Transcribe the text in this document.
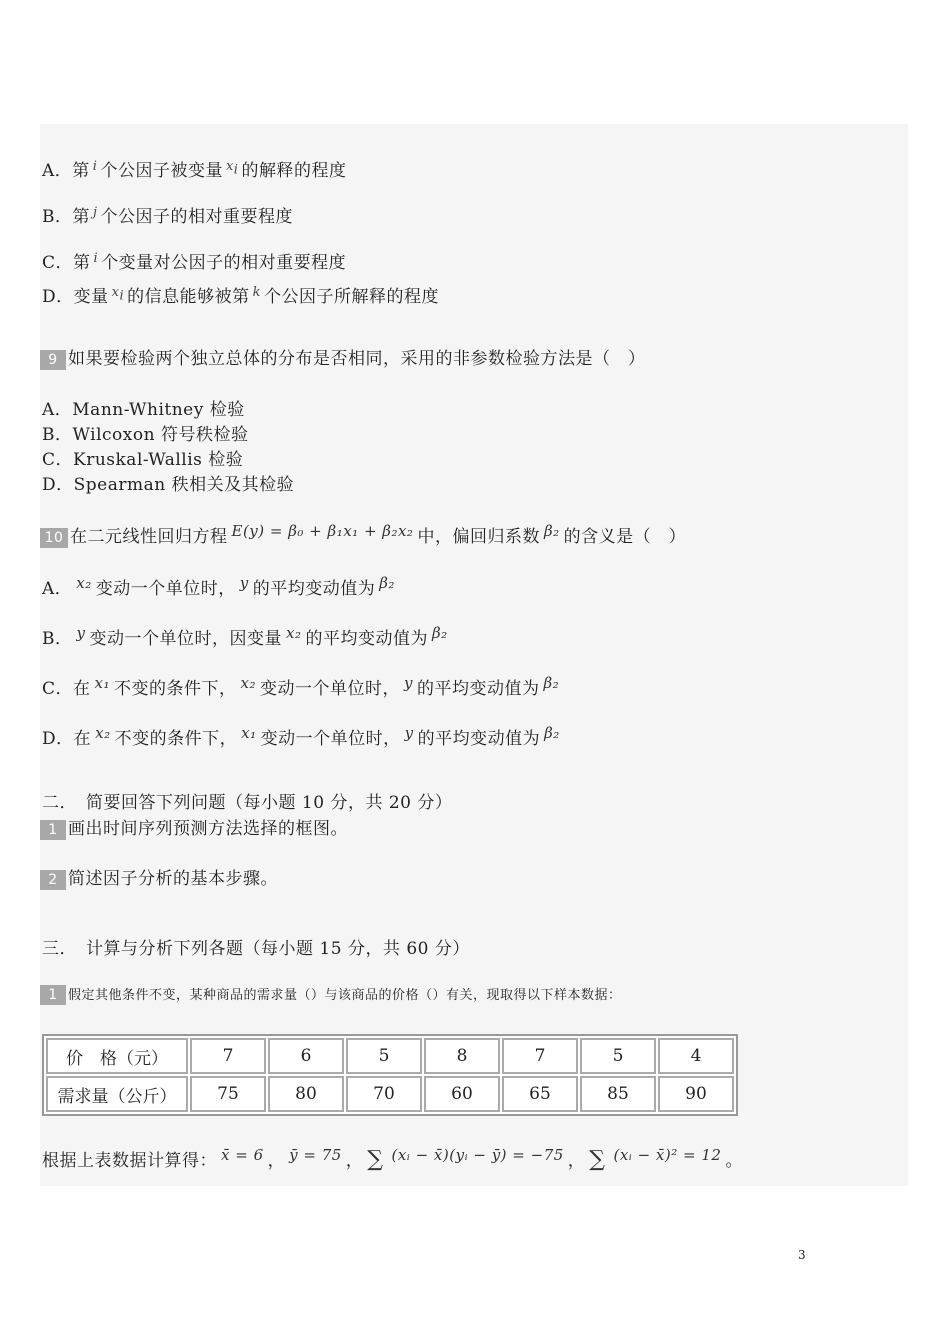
A．第 $^i$ 个公因子被变量 $^{x_i}$ 的解释的程度
B．第 $^j$ 个公因子的相对重要程度
C．第 $^i$ 个变量对公因子的相对重要程度
D．变量 $^{x_i}$ 的信息能够被第 $^k$ 个公因子所解释的程度
9 如果要检验两个独立总体的分布是否相同，采用的非参数检验方法是（　）
A．Mann-Whitney 检验
B．Wilcoxon 符号秩检验
C．Kruskal-Wallis 检验
D．Spearman 秩相关及其检验
10 在二元线性回归方程 E(y) = β₀ + β₁x₁ + β₂x₂ 中，偏回归系数 β₂ 的含义是（　）
A． x₂ 变动一个单位时， y 的平均变动值为 β₂
B． y 变动一个单位时，因变量 x₂ 的平均变动值为 β₂
C．在 x₁ 不变的条件下， x₂ 变动一个单位时， y 的平均变动值为 β₂
D．在 x₂ 不变的条件下， x₁ 变动一个单位时， y 的平均变动值为 β₂
二．　简要回答下列问题（每小题 10 分，共 20 分）
1 画出时间序列预测方法选择的框图。
2 简述因子分析的基本步骤。
三．　计算与分析下列各题（每小题 15 分，共 60 分）
1 假定其他条件不变，某种商品的需求量（）与该商品的价格（）有关，现取得以下样本数据：
价　格（元）	7	6	5	8	7	5	4
需求量（公斤）	75	80	70	60	65	85	90
根据上表数据计算得： x̄ = 6 ， ȳ = 75 ， ∑ (xᵢ − x̄)(yᵢ − ȳ) = −75 ， ∑ (xᵢ − x̄)² = 12 。
3
